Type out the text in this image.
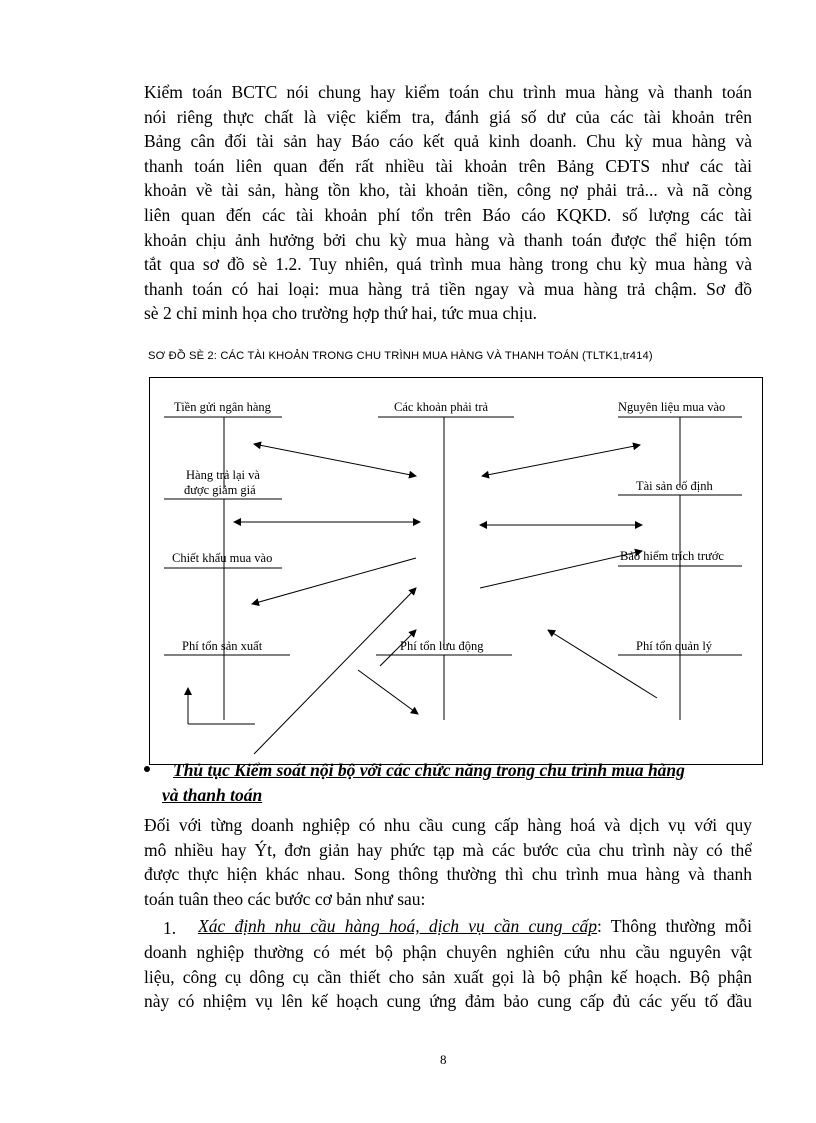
Kiểm toán BCTC nói chung hay kiểm toán chu trình mua hàng và thanh toán
nói riêng thực chất là việc kiểm tra, đánh giá số dư của các tài khoản trên
Bảng cân đối tài sản hay Báo cáo kết quả kinh doanh. Chu kỳ mua hàng và
thanh toán liên quan đến rất nhiều tài khoản trên Bảng CĐTS như các tài
khoản về tài sản, hàng tồn kho, tài khoản tiền, công nợ phải trả... và nã còng
liên quan đến các tài khoản phí tổn trên Báo cáo KQKD. số lượng các tài
khoản chịu ảnh hưởng bởi chu kỳ mua hàng và thanh toán được thể hiện tóm
tắt qua sơ đồ sè 1.2. Tuy nhiên, quá trình mua hàng trong chu kỳ mua hàng và
thanh toán có hai loại: mua hàng trả tiền ngay và mua hàng trả chậm. Sơ đồ
sè 2 chỉ minh họa cho trường hợp thứ hai, tức mua chịu.
SƠ ĐỒ SÈ 2: CÁC TÀI KHOẢN TRONG CHU TRÌNH MUA HÀNG VÀ THANH TOÁN (TLTK1,tr414)
Tiền gửi ngân hàng
Hàng trả lại và
được giảm giá
Chiết khấu mua vào
Phí tổn sản xuất
Các khoản phải trả
Phí tổn lưu động
Nguyên liệu mua vào
Tài sản cố định
Bảo hiểm trích trước
Phí tổn quản lý
Thủ tục Kiểm soát nội bộ với các chức năng trong chu trình mua hàng
và thanh toán
Đối với từng doanh nghiệp có nhu cầu cung cấp hàng hoá và dịch vụ với quy
mô nhiều hay Ýt, đơn giản hay phức tạp mà các bước của chu trình này có thể
được thực hiện khác nhau. Song thông thường thì chu trình mua hàng và thanh
toán tuân theo các bước cơ bản như sau:
1. Xác định nhu cầu hàng hoá, dịch vụ cần cung cấp: Thông thường mỗi
doanh nghiệp thường có mét bộ phận chuyên nghiên cứu nhu cầu nguyên vật
liệu, công cụ dông cụ cần thiết cho sản xuất gọi là bộ phận kế hoạch. Bộ phận
này có nhiệm vụ lên kế hoạch cung ứng đảm bảo cung cấp đủ các yếu tố đầu
8
